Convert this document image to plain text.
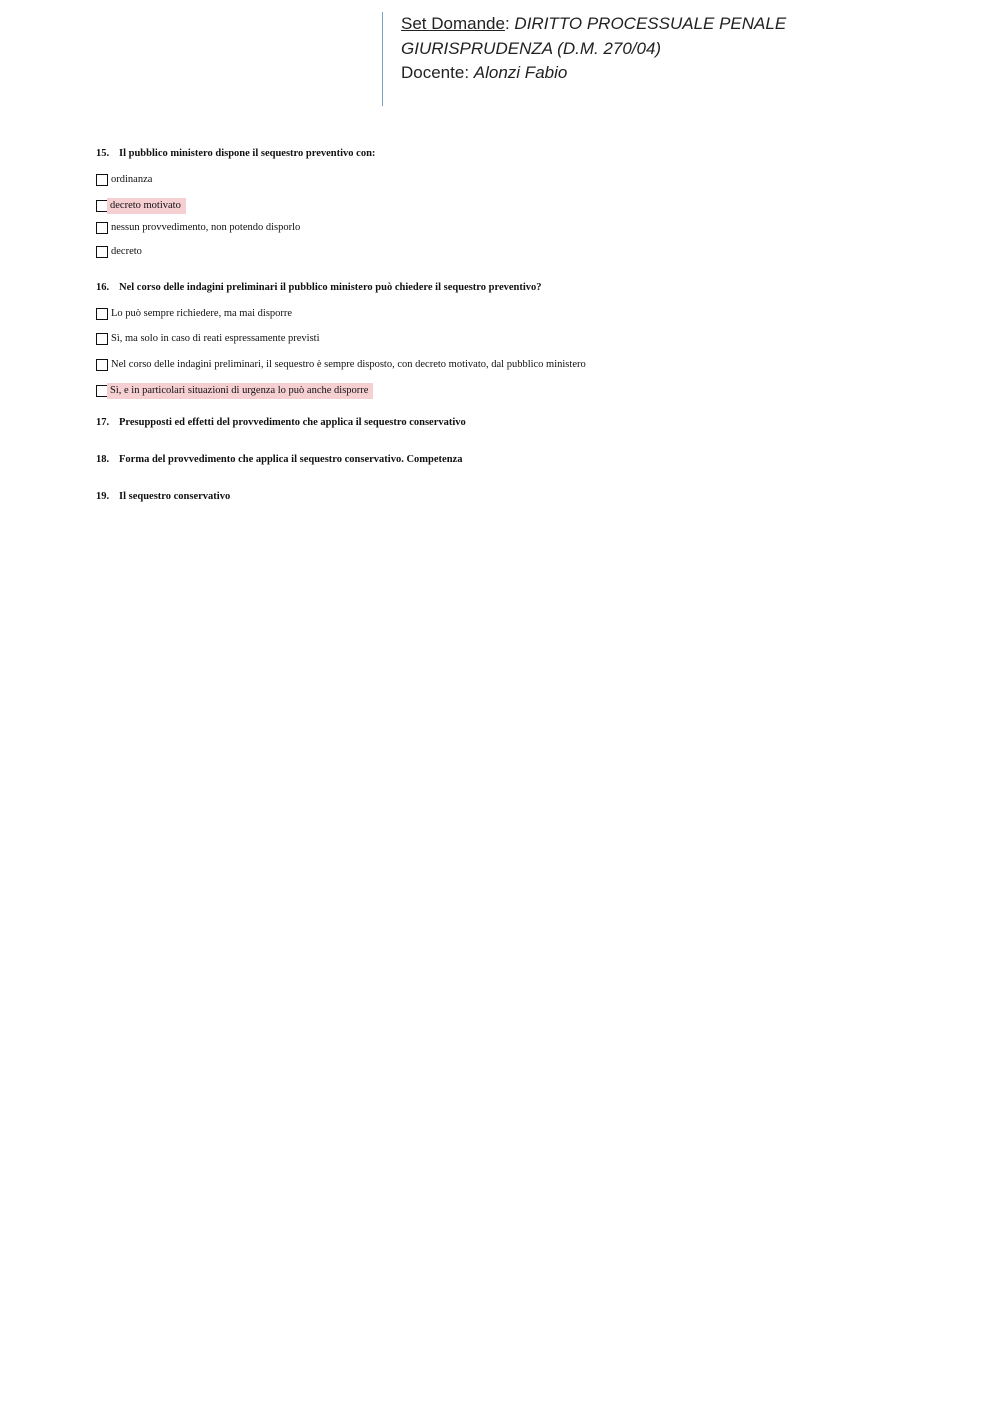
Set Domande: DIRITTO PROCESSUALE PENALE
GIURISPRUDENZA (D.M. 270/04)
Docente: Alonzi Fabio
15. Il pubblico ministero dispone il sequestro preventivo con:
ordinanza
decreto motivato
nessun provvedimento, non potendo disporlo
decreto
16. Nel corso delle indagini preliminari il pubblico ministero può chiedere il sequestro preventivo?
Lo può sempre richiedere, ma mai disporre
Sì, ma solo in caso di reati espressamente previsti
Nel corso delle indagini preliminari, il sequestro è sempre disposto, con decreto motivato, dal pubblico ministero
Sì, e in particolari situazioni di urgenza lo può anche disporre
17. Presupposti ed effetti del provvedimento che applica il sequestro conservativo
18. Forma del provvedimento che applica il sequestro conservativo. Competenza
19. Il sequestro conservativo
